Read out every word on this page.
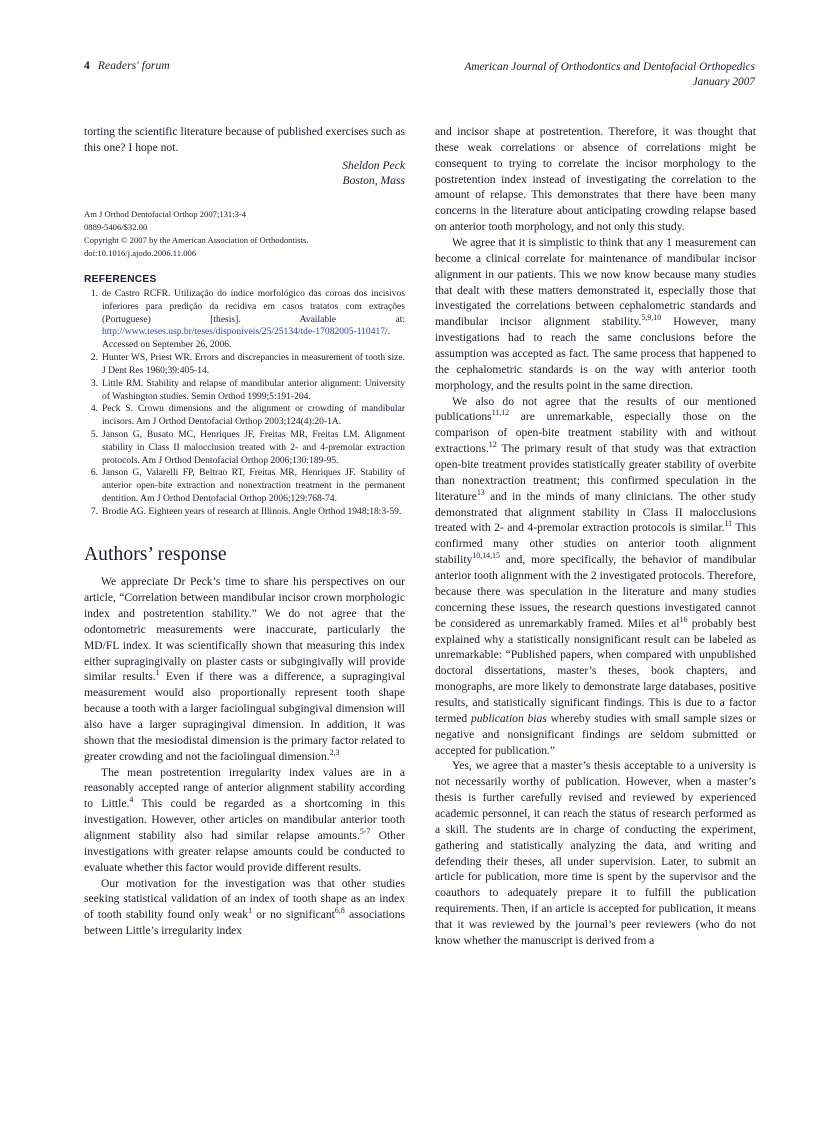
4 Readers' forum	American Journal of Orthodontics and Dentofacial Orthopedics
January 2007

torting the scientific literature because of published exercises such as this one? I hope not.

Sheldon Peck
Boston, Mass
Am J Orthod Dentofacial Orthop 2007;131:3-4
0889-5406/$32.00
Copyright © 2007 by the American Association of Orthodontists.
doi:10.1016/j.ajodo.2006.11.006
REFERENCES
1. de Castro RCFR. Utilização do índice morfológico das coroas dos incisivos inferiores para predição da recidiva em casos tratatos com extrações (Portuguese) [thesis]. Available at: http://www.teses.usp.br/teses/disponiveis/25/25134/tde-17082005-110417/. Accessed on September 26, 2006.
2. Hunter WS, Priest WR. Errors and discrepancies in measurement of tooth size. J Dent Res 1960;39:405-14.
3. Little RM. Stability and relapse of mandibular anterior alignment: University of Washington studies. Semin Orthod 1999;5:191-204.
4. Peck S. Crown dimensions and the alignment or crowding of mandibular incisors. Am J Orthod Dentofacial Orthop 2003;124(4):20-1A.
5. Janson G, Busato MC, Henriques JF, Freitas MR, Freitas LM. Alignment stability in Class II malocclusion treated with 2- and 4-premolar extraction protocols. Am J Orthod Dentofacial Orthop 2006;130:189-95.
6. Janson G, Valarelli FP, Beltrao RT, Freitas MR, Henriques JF. Stability of anterior open-bite extraction and nonextraction treatment in the permanent dentition. Am J Orthod Dentofacial Orthop 2006;129:768-74.
7. Brodie AG. Eighteen years of research at Illinois. Angle Orthod 1948;18:3-59.
Authors’ response

We appreciate Dr Peck’s time to share his perspectives on our article, “Correlation between mandibular incisor crown morphologic index and postretention stability.” We do not agree that the odontometric measurements were inaccurate, particularly the MD/FL index. It was scientifically shown that measuring this index either supragingivally on plaster casts or subgingivally will provide similar results.$^1$ Even if there was a difference, a supragingival measurement would also proportionally represent tooth shape because a tooth with a larger faciolingual subgingival dimension will also have a larger supragingival dimension. In addition, it was shown that the mesiodistal dimension is the primary factor related to greater crowding and not the faciolingual dimension.$^{2,3}$

The mean postretention irregularity index values are in a reasonably accepted range of anterior alignment stability according to Little.$^4$ This could be regarded as a shortcoming in this investigation. However, other articles on mandibular anterior tooth alignment stability also had similar relapse amounts.$^{5-7}$ Other investigations with greater relapse amounts could be conducted to evaluate whether this factor would provide different results.

Our motivation for the investigation was that other studies seeking statistical validation of an index of tooth shape as an index of tooth stability found only weak$^1$ or no significant$^{6,8}$ associations between Little’s irregularity index

and incisor shape at postretention. Therefore, it was thought that these weak correlations or absence of correlations might be consequent to trying to correlate the incisor morphology to the postretention index instead of investigating the correlation to the amount of relapse. This demonstrates that there have been many concerns in the literature about anticipating crowding relapse based on anterior tooth morphology, and not only this study.

We agree that it is simplistic to think that any 1 measurement can become a clinical correlate for maintenance of mandibular incisor alignment in our patients. This we now know because many studies that dealt with these matters demonstrated it, especially those that investigated the correlations between cephalometric standards and mandibular incisor alignment stability.$^{5,9,10}$ However, many investigations had to reach the same conclusions before the assumption was accepted as fact. The same process that happened to the cephalometric standards is on the way with anterior tooth morphology, and the results point in the same direction.

We also do not agree that the results of our mentioned publications$^{11,12}$ are unremarkable, especially those on the comparison of open-bite treatment stability with and without extractions.$^{12}$ The primary result of that study was that extraction open-bite treatment provides statistically greater stability of overbite than nonextraction treatment; this confirmed speculation in the literature$^{13}$ and in the minds of many clinicians. The other study demonstrated that alignment stability in Class II malocclusions treated with 2- and 4-premolar extraction protocols is similar.$^{11}$ This confirmed many other studies on anterior tooth alignment stability$^{10,14,15}$ and, more specifically, the behavior of mandibular anterior tooth alignment with the 2 investigated protocols. Therefore, because there was speculation in the literature and many studies concerning these issues, the research questions investigated cannot be considered as unremarkably framed. Miles et $al^{16}$ probably best explained why a statistically nonsignificant result can be labeled as unremarkable: “Published papers, when compared with unpublished doctoral dissertations, master’s theses, book chapters, and monographs, are more likely to demonstrate large databases, positive results, and statistically significant findings. This is due to a factor termed publication bias whereby studies with small sample sizes or negative and nonsignificant findings are seldom submitted or accepted for publication.”

Yes, we agree that a master’s thesis acceptable to a university is not necessarily worthy of publication. However, when a master’s thesis is further carefully revised and reviewed by experienced academic personnel, it can reach the status of research performed as a skill. The students are in charge of conducting the experiment, gathering and statistically analyzing the data, and writing and defending their theses, all under supervision. Later, to submit an article for publication, more time is spent by the supervisor and the coauthors to adequately prepare it to fulfill the publication requirements. Then, if an article is accepted for publication, it means that it was reviewed by the journal’s peer reviewers (who do not know whether the manuscript is derived from a
